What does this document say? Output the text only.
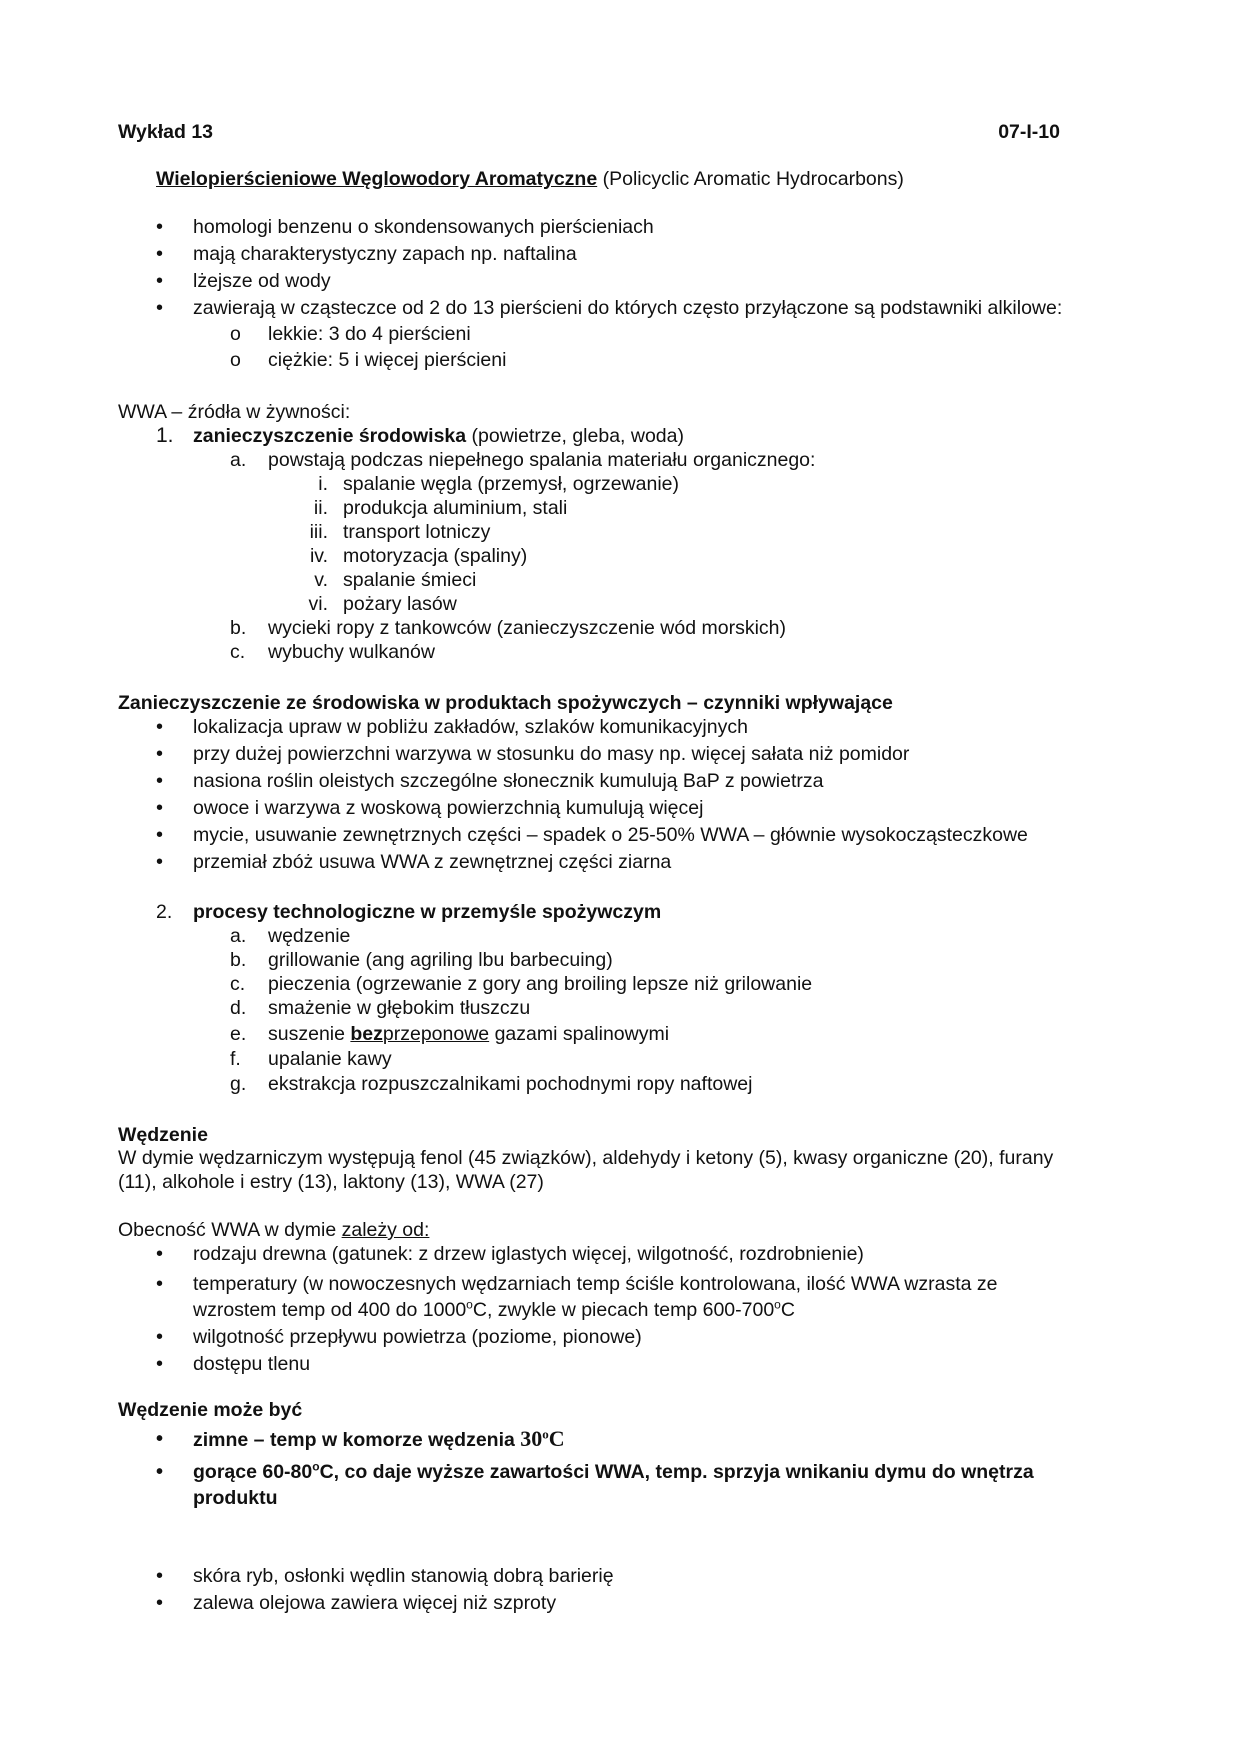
Wykład 13	07-I-10
Wielopierścieniowe Węglowodory Aromatyczne (Policyclic Aromatic Hydrocarbons)
•
homologi benzenu o skondensowanych pierścieniach
•
mają charakterystyczny zapach np. naftalina
•
lżejsze od wody
•
zawierają w cząsteczce od 2 do 13 pierścieni do których często przyłączone są podstawniki alkilowe:
o	lekkie: 3 do 4 pierścieni
o	ciężkie: 5 i więcej pierścieni
WWA – źródła w żywności:
1. zanieczyszczenie środowiska (powietrze, gleba, woda)
a.	powstają podczas niepełnego spalania materiału organicznego:
i. spalanie węgla (przemysł, ogrzewanie)
ii. produkcja aluminium, stali
iii. transport lotniczy
iv. motoryzacja (spaliny)
v. spalanie śmieci
vi. pożary lasów
b.	wycieki ropy z tankowców (zanieczyszczenie wód morskich)
c.	wybuchy wulkanów
Zanieczyszczenie ze środowiska w produktach spożywczych – czynniki wpływające
•
lokalizacja upraw w pobliżu zakładów, szlaków komunikacyjnych
•
przy dużej powierzchni warzywa w stosunku do masy np. więcej sałata niż pomidor
•
nasiona roślin oleistych szczególne słonecznik kumulują BaP z powietrza
•
owoce i warzywa z woskową powierzchnią kumulują więcej
•
mycie, usuwanie zewnętrznych części – spadek o 25-50% WWA – głównie wysokocząsteczkowe
•
przemiał zbóż usuwa WWA z zewnętrznej części ziarna
2. procesy technologiczne w przemyśle spożywczym
a.	wędzenie
b.	grillowanie (ang agriling lbu barbecuing)
c.	pieczenia (ogrzewanie z gory ang broiling lepsze niż grilowanie
d.	smażenie w głębokim tłuszczu
e.	suszenie bezprzeponowe gazami spalinowymi
f.	upalanie kawy
g.	ekstrakcja rozpuszczalnikami pochodnymi ropy naftowej
Wędzenie
W dymie wędzarniczym występują fenol (45 związków), aldehydy i ketony (5), kwasy organiczne (20), furany
(11), alkohole i estry (13), laktony (13), WWA (27)
Obecność WWA w dymie zależy od:
•
rodzaju drewna (gatunek: z drzew iglastych więcej, wilgotność, rozdrobnienie)
•
temperatury (w nowoczesnych wędzarniach temp ściśle kontrolowana, ilość WWA wzrasta ze
wzrostem temp od 400 do 1000$^o$C, zwykle w piecach temp 600-700$^o$C
•
wilgotność przepływu powietrza (poziome, pionowe)
•
dostępu tlenu
Wędzenie może być
•
zimne – temp w komorze wędzenia 30$^o$C
•
gorące 60-80$^o$C, co daje wyższe zawartości WWA, temp. sprzyja wnikaniu dymu do wnętrza
produktu
•
skóra ryb, osłonki wędlin stanowią dobrą barierię
•
zalewa olejowa zawiera więcej niż szproty
